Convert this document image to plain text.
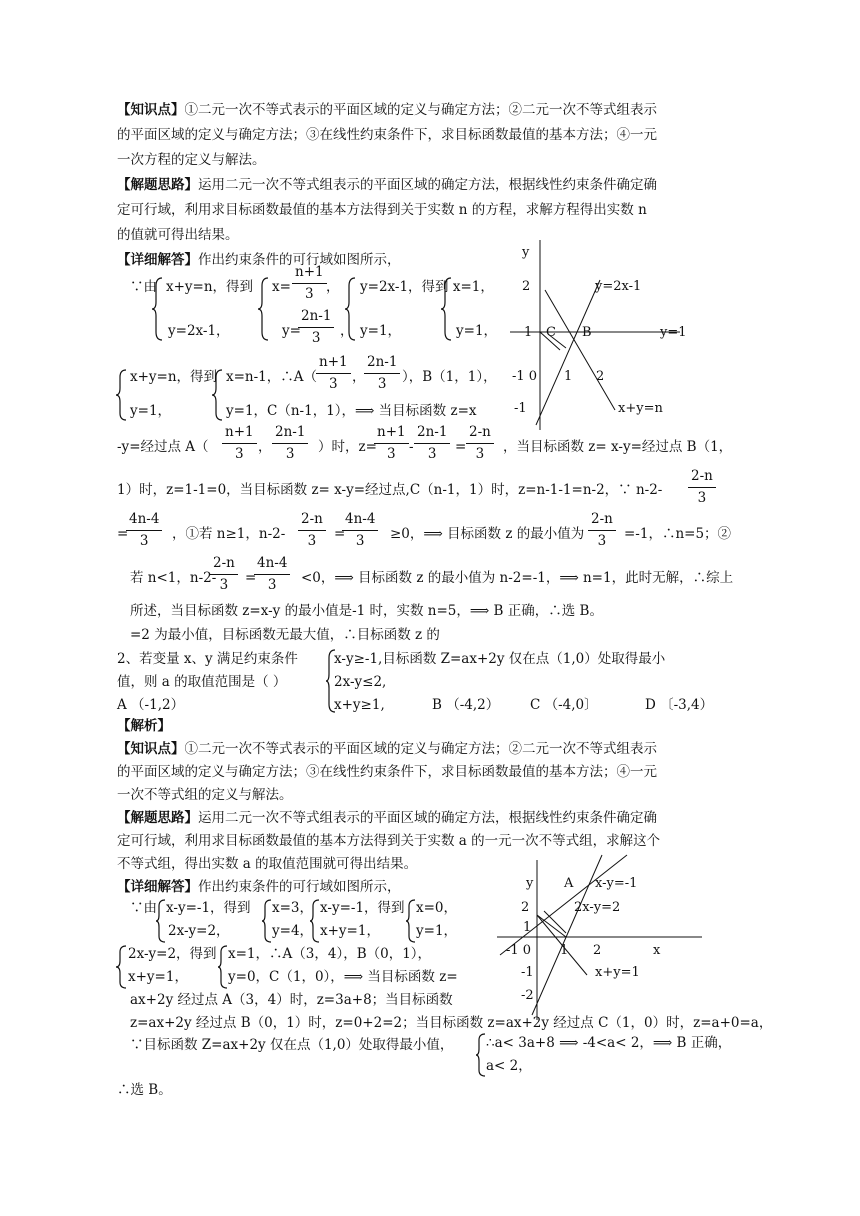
【知识点】①二元一次不等式表示的平面区域的定义与确定方法；②二元一次不等式组表示
的平面区域的定义与确定方法；③在线性约束条件下，求目标函数最值的基本方法；④一元
一次方程的定义与解法。
【解题思路】运用二元一次不等式组表示的平面区域的确定方法，根据线性约束条件确定确
定可行域，利用求目标函数最值的基本方法得到关于实数 n 的方程，求解方程得出实数 n
的值就可得出结果。
【详细解答】作出约束条件的可行域如图所示，
∵由 x+y=n，得到 $x= \frac{n+1}{3}$ ， y=2x-1，得到 x=1，
y=2x-1，	y=
$\frac{2n-1}{3}$ ， y=1，	y=1，
x+y=n，得到 x=n-1，∴A（
$\frac{n+1}{3}$ ，
$\frac{2n-1}{3}$ ），B（1，1），
y=1，	y=1，C（n-1，1），⟹ 当目标函数 z=x
y
2	y=2x-1
1 C B	y=1
-1 0 1 2
-1	x+y=n
-y=经过点 $A( \frac{n+1}{3}$ ， $\frac{2n-1}{3}$ ）时，z=
$\frac{n+1}{3} - \frac{2n-1}{3} = \frac{2-n}{3}$ ，当目标函数 z= x-y=经过点 B（1，
1）时，z=1-1=0，当目标函数 z= x-y=经过点,C（n-1，1）时，z=n-1-1=n-2，∵ $n-2- \frac{2-n}{3}$
=
$\frac{4n-4}{3}$ ，①若 n≥1，$n-2- \frac{2-n}{3}$ =
$\frac{4n-4}{3} \ge 0$，⟹ 目标函数 z 的最小值为 $\frac{2-n}{3} =-1$，∴n=5；②
若 n<1，n-2-
$\frac{2-n}{3}$ =
$\frac{4n-4}{3} <0$，⟹ 目标函数 z 的最小值为 n-2=-1，⟹ n=1，此时无解，∴综上
所述，当目标函数 z=x-y 的最小值是-1 时，实数 n=5，⟹ B 正确，∴选 B。
=2 为最小值，目标函数无最大值，∴目标函数 z 的
2、若变量 x、y 满足约束条件	x-y≥-1,目标函数 Z=ax+2y 仅在点（1,0）处取得最小
值，则 a 的取值范围是（ ）	2x-y≤2,
A （-1,2）	x+y≥1,	B （-4,2） C （-4,0〕	D 〔-3,4）
【解析】
【知识点】①二元一次不等式表示的平面区域的定义与确定方法；②二元一次不等式组表示
的平面区域的定义与确定方法；③在线性约束条件下，求目标函数最值的基本方法；④一元
一次不等式组的定义与解法。
【解题思路】运用二元一次不等式组表示的平面区域的确定方法，根据线性约束条件确定确
定可行域，利用求目标函数最值的基本方法得到关于实数 a 的一元一次不等式组，求解这个
不等式组，得出实数 a 的取值范围就可得出结果。
【详细解答】作出约束条件的可行域如图所示，
∵由 x-y=-1，得到 x=3， x-y=-1，得到 x=0，
2x-y=2，	y=4， x+y=1，	y=1，
2x-y=2，得到 x=1，∴A（3，4），B（0，1），
x+y=1，	y=0，C（1，0），⟹ 当目标函数 z=
ax+2y 经过点 A（3，4）时，z=3a+8；当目标函数
y A x-y=-1
2	2x-y=2
1
-1 0 1 2	x
-1	x+y=1
-2
z=ax+2y 经过点 B（0，1）时，z=0+2=2；当目标函数 z=ax+2y 经过点 C（1，0）时，z=a+0=a，
∵目标函数 Z=ax+2y 仅在点（1,0）处取得最小值， ∴a< 3a+8 ⟹ -4<a< 2，⟹ B 正确，
a< 2，
∴选 B。
